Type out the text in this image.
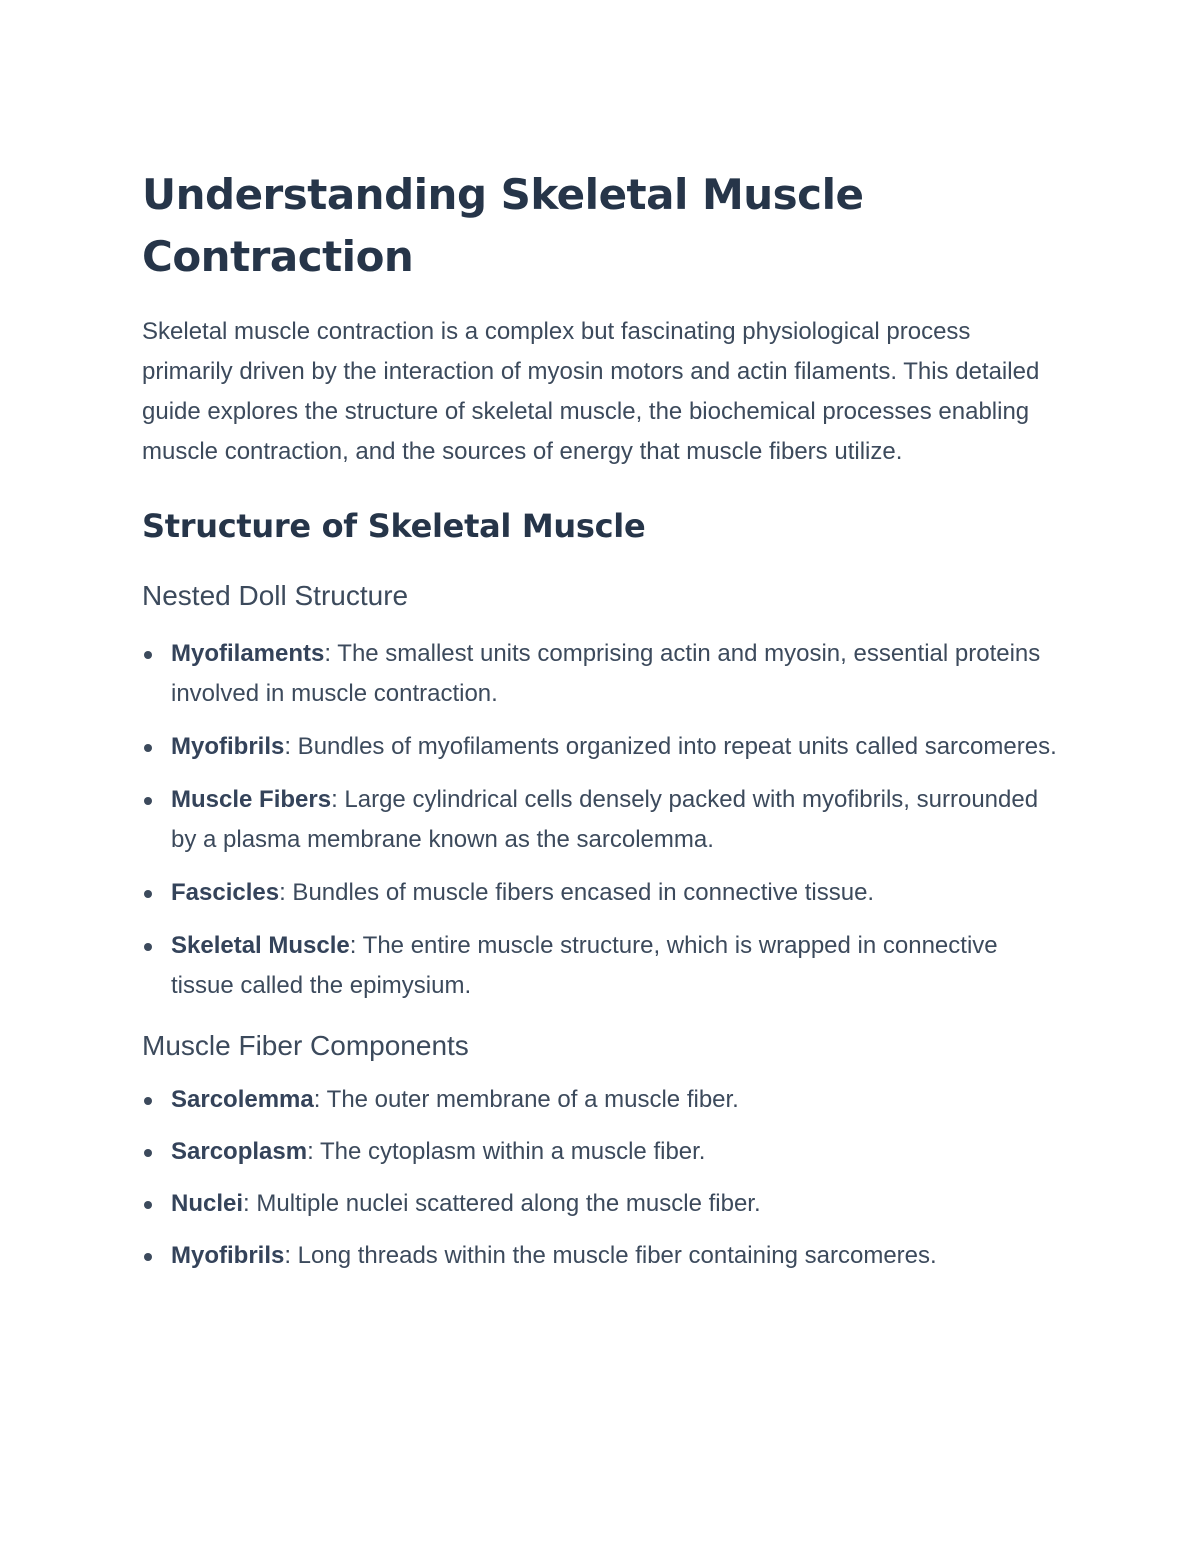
Understanding Skeletal Muscle Contraction

Skeletal muscle contraction is a complex but fascinating physiological process primarily driven by the interaction of myosin motors and actin filaments. This detailed guide explores the structure of skeletal muscle, the biochemical processes enabling muscle contraction, and the sources of energy that muscle fibers utilize.

Structure of Skeletal Muscle
Nested Doll Structure
Myofilaments: The smallest units comprising actin and myosin, essential proteins involved in muscle contraction.
Myofibrils: Bundles of myofilaments organized into repeat units called sarcomeres.
Muscle Fibers: Large cylindrical cells densely packed with myofibrils, surrounded by a plasma membrane known as the sarcolemma.
Fascicles: Bundles of muscle fibers encased in connective tissue.
Skeletal Muscle: The entire muscle structure, which is wrapped in connective tissue called the epimysium.
Muscle Fiber Components
Sarcolemma: The outer membrane of a muscle fiber.
Sarcoplasm: The cytoplasm within a muscle fiber.
Nuclei: Multiple nuclei scattered along the muscle fiber.
Myofibrils: Long threads within the muscle fiber containing sarcomeres.
